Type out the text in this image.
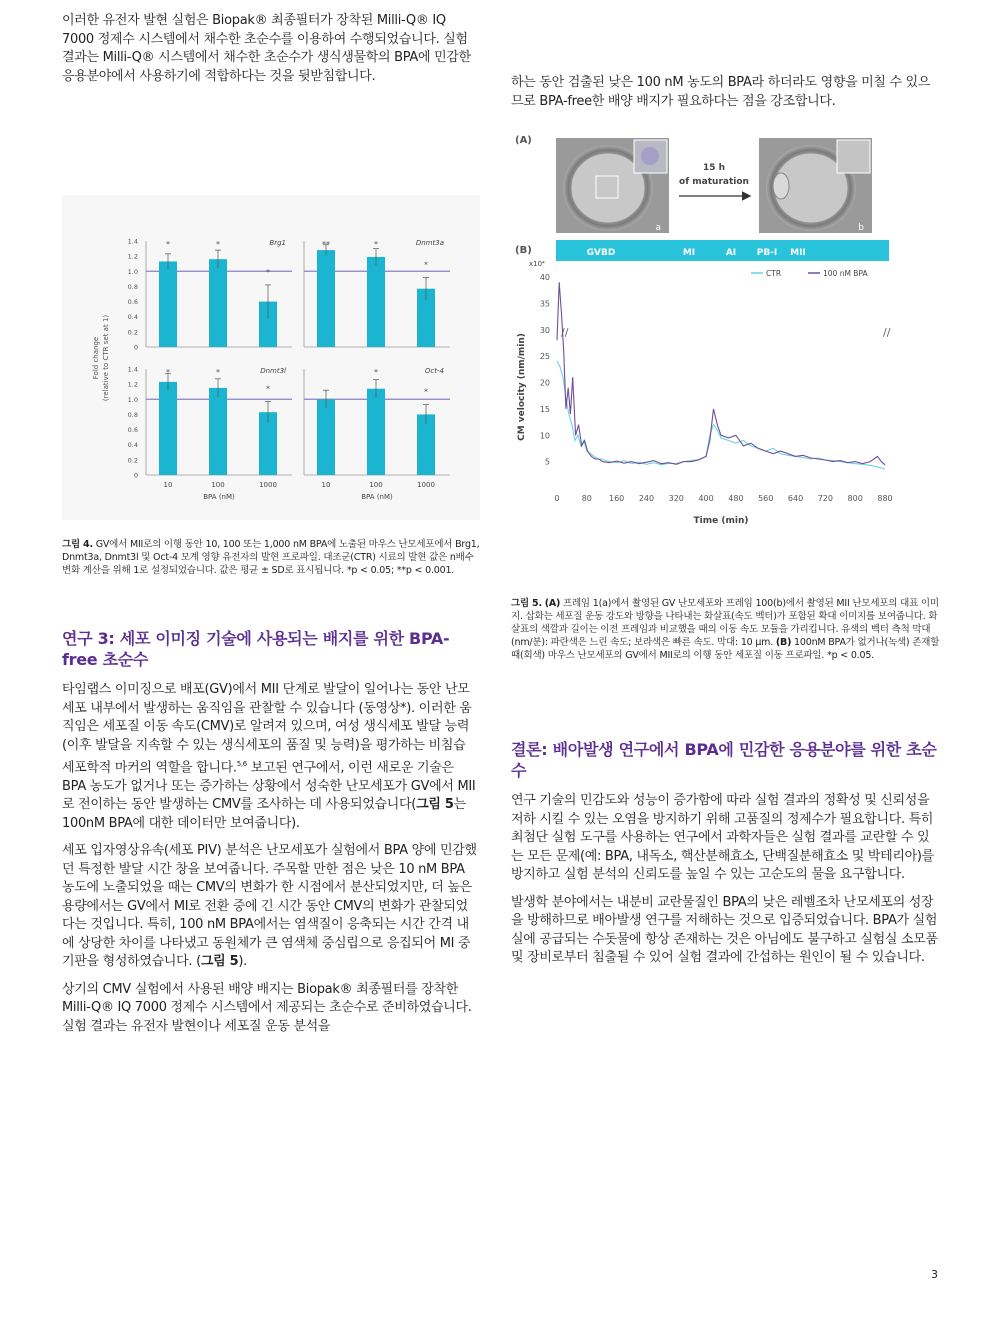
이러한 유전자 발현 실험은 Biopak® 최종필터가 장착된 Milli-Q® IQ 7000 정제수 시스템에서 채수한 초순수를 이용하여 수행되었습니다. 실험 결과는 Milli-Q® 시스템에서 채수한 초순수가 생식생물학의 BPA에 민감한 응용분야에서 사용하기에 적합하다는 것을 뒷받침합니다.

0
0.2
0.4
0.6
0.8
1.0
1.2
1.4	Brg1
*	*
*
Dnmt3a
**	*
*
0
0.2
0.4
0.6
0.8
1.0
1.2
1.4	Dnmt3l
*
10
*
100
*
1000
BPA (nM)
Oct-4
10
*
100
*
1000
BPA (nM)
Fold change (relative to CTR set at 1)

그림 4. GV에서 MII로의 이행 동안 10, 100 또는 1,000 nM BPA에 노출된 마우스 난모세포에서 Brg1, Dnmt3a, Dnmt3l 및 Oct-4 모계 영향 유전자의 발현 프로파일. 대조군(CTR) 시료의 발현 값은 n배수 변화 계산을 위해 1로 설정되었습니다. 값은 평균 ± SD로 표시됩니다. *p < 0.05; **p < 0.001.

연구 3: 세포 이미징 기술에 사용되는 배지를 위한 BPA-free 초순수

타임랩스 이미징으로 배포(GV)에서 MII 단계로 발달이 일어나는 동안 난모세포 내부에서 발생하는 움직임을 관찰할 수 있습니다 (동영상*). 이러한 움직임은 세포질 이동 속도(CMV)로 알려져 있으며, 여성 생식세포 발달 능력(이후 발달을 지속할 수 있는 생식세포의 품질 및 능력)을 평가하는 비침습 세포학적 마커의 역할을 합니다.$^{5,6}$ 보고된 연구에서, 이런 새로운 기술은 BPA 농도가 없거나 또는 증가하는 상황에서 성숙한 난모세포가 GV에서 MII로 전이하는 동안 발생하는 CMV를 조사하는 데 사용되었습니다(그림 5는 100nM BPA에 대한 데이터만 보여줍니다).

세포 입자영상유속(세포 PIV) 분석은 난모세포가 실험에서 BPA 양에 민감했던 특정한 발달 시간 창을 보여줍니다. 주목할 만한 점은 낮은 10 nM BPA 농도에 노출되었을 때는 CMV의 변화가 한 시점에서 분산되었지만, 더 높은 용량에서는 GV에서 MI로 전환 중에 긴 시간 동안 CMV의 변화가 관찰되었다는 것입니다. 특히, 100 nM BPA에서는 염색질이 응축되는 시간 간격 내에 상당한 차이를 나타냈고 동원체가 큰 염색체 중심립으로 응집되어 MI 중기판을 형성하였습니다. (그림 5).

상기의 CMV 실험에서 사용된 배양 배지는 Biopak® 최종필터를 장착한 Milli-Q® IQ 7000 정제수 시스템에서 제공되는 초순수로 준비하였습니다. 실험 결과는 유전자 발현이나 세포질 운동 분석을

하는 동안 검출된 낮은 100 nM 농도의 BPA라 하더라도 영향을 미칠 수 있으므로 BPA-free한 배양 배지가 필요하다는 점을 강조합니다.

(A)
a	b
15 h
of maturation
(B)	GVBD	MI	AI PB-I MII
x10⁴
5
10
15
20
25
30
35
40
0	80 160 240 320 400 480 560 640 720 800 880
Time (min)
CM velocity (nm/min)
//	//
CTR	100 nM BPA

그림 5. (A) 프레임 1(a)에서 촬영된 GV 난모세포와 프레임 100(b)에서 촬영된 MII 난모세포의 대표 이미지. 삽화는 세포질 운동 강도와 방향을 나타내는 화살표(속도 벡터)가 포함된 확대 이미지를 보여줍니다. 화살표의 색깔과 길이는 이전 프레임과 비교했을 때의 이동 속도 모듈을 가리킵니다. 유색의 벡터 측척 막대(nm/분): 파란색은 느린 속도; 보라색은 빠른 속도. 막대: 10 μm. (B) 100nM BPA가 없거나(녹색) 존재할 때(회색) 마우스 난모세포의 GV에서 MII로의 이행 동안 세포질 이동 프로파일. *p < 0.05.

결론: 배아발생 연구에서 BPA에 민감한 응용분야를 위한 초순수

연구 기술의 민감도와 성능이 증가함에 따라 실험 결과의 정확성 및 신뢰성을 저하 시킬 수 있는 오염을 방지하기 위해 고품질의 정제수가 필요합니다. 특히 최첨단 실험 도구를 사용하는 연구에서 과학자들은 실험 결과를 교란할 수 있는 모든 문제(예: BPA, 내독소, 핵산분해효소, 단백질분해효소 및 박테리아)를 방지하고 실험 분석의 신뢰도를 높일 수 있는 고순도의 물을 요구합니다.

발생학 분야에서는 내분비 교란물질인 BPA의 낮은 레벨조차 난모세포의 성장을 방해하므로 배아발생 연구를 저해하는 것으로 입증되었습니다. BPA가 실험실에 공급되는 수돗물에 항상 존재하는 것은 아님에도 불구하고 실험실 소모품 및 장비로부터 침출될 수 있어 실험 결과에 간섭하는 원인이 될 수 있습니다.

3
